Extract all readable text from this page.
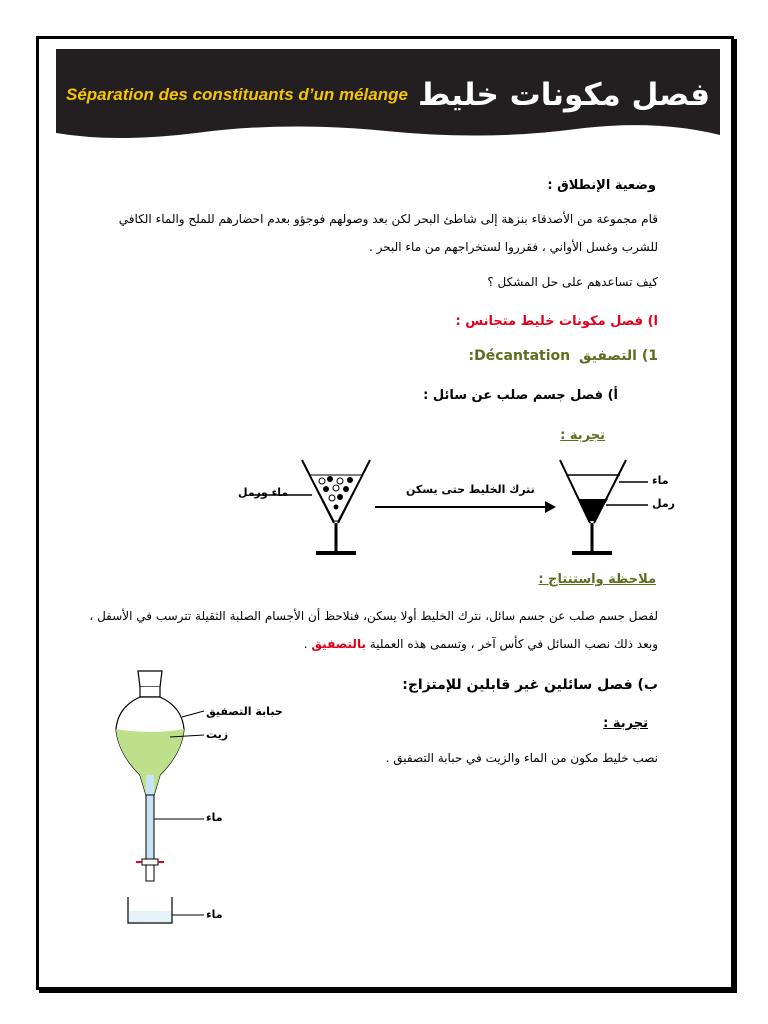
Séparation des constituants d’un mélange فصل مكونات خليط
وضعية الإنطلاق :
قام مجموعة من الأصدقاء بنزهة إلى شاطئ البحر لكن بعد وصولهم فوجؤو بعدم احضارهم للملح والماء الكافي
للشرب وغسل الأواني ، فقرروا لستخراجهم من ماء البحر .
كيف تساعدهم على حل المشكل ؟
ا) فصل مكونات خليط متجانس :
1) التصفيق Décantation:
أ) فصل جسم صلب عن سائل :
تجربة :
ماء ورمل	نترك الخليط حتى يسكن
ماء
رمل
ملاحظة واستنتاج :
لفصل جسم صلب عن جسم سائل، نترك الخليط أولا يسكن، فنلاحظ أن الأجسام الصلبة الثقيلة تترسب في الأسفل ،
وبعد ذلك نصب السائل في كأس آخر ، وتسمى هذه العملية بالتصفيق .
ب) فصل سائلين غير قابلين للإمتزاج:
تجربة :
نصب خليط مكون من الماء والزيت في حبابة التصفيق .
حبابة التصفيق
زيت
ماء
ماء
